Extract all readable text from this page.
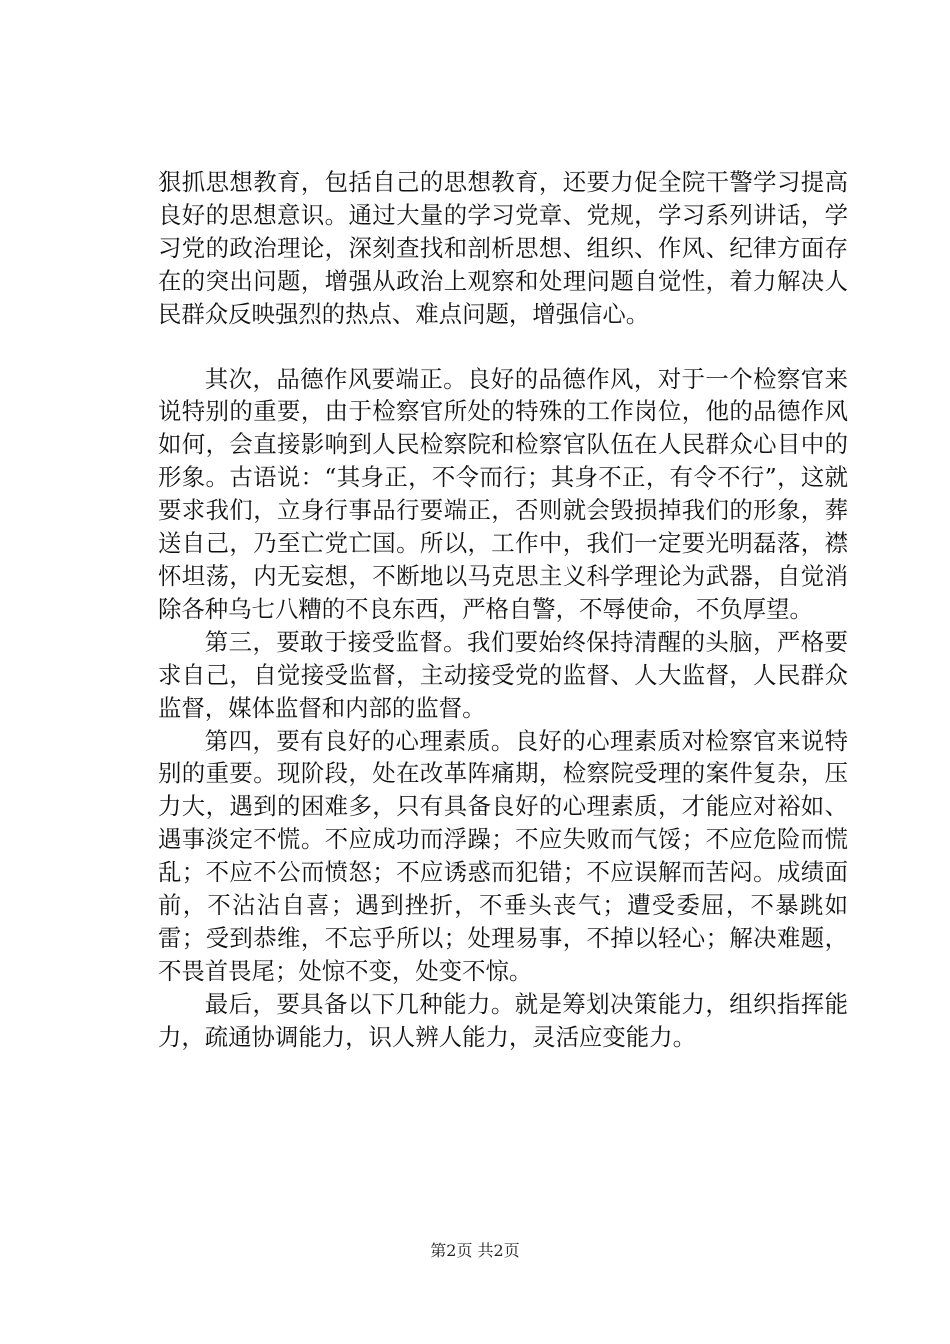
狠抓思想教育，包括自己的思想教育，还要力促全院干警学习提高良好的思想意识。通过大量的学习党章、党规，学习系列讲话，学习党的政治理论，深刻查找和剖析思想、组织、作风、纪律方面存在的突出问题，增强从政治上观察和处理问题自觉性，着力解决人民群众反映强烈的热点、难点问题，增强信心。

其次，品德作风要端正。良好的品德作风，对于一个检察官来说特别的重要，由于检察官所处的特殊的工作岗位，他的品德作风如何，会直接影响到人民检察院和检察官队伍在人民群众心目中的形象。古语说：“其身正，不令而行；其身不正，有令不行”，这就要求我们，立身行事品行要端正，否则就会毁损掉我们的形象，葬送自己，乃至亡党亡国。所以，工作中，我们一定要光明磊落，襟怀坦荡，内无妄想，不断地以马克思主义科学理论为武器，自觉消除各种乌七八糟的不良东西，严格自警，不辱使命，不负厚望。

第三，要敢于接受监督。我们要始终保持清醒的头脑，严格要求自己，自觉接受监督，主动接受党的监督、人大监督，人民群众监督，媒体监督和内部的监督。

第四，要有良好的心理素质。良好的心理素质对检察官来说特别的重要。现阶段，处在改革阵痛期，检察院受理的案件复杂，压力大，遇到的困难多，只有具备良好的心理素质，才能应对裕如、遇事淡定不慌。不应成功而浮躁；不应失败而气馁；不应危险而慌乱；不应不公而愤怒；不应诱惑而犯错；不应误解而苦闷。成绩面前，不沾沾自喜；遇到挫折，不垂头丧气；遭受委屈，不暴跳如雷；受到恭维，不忘乎所以；处理易事，不掉以轻心；解决难题，不畏首畏尾；处惊不变，处变不惊。

最后，要具备以下几种能力。就是筹划决策能力，组织指挥能力，疏通协调能力，识人辨人能力，灵活应变能力。

第2页 共2页
